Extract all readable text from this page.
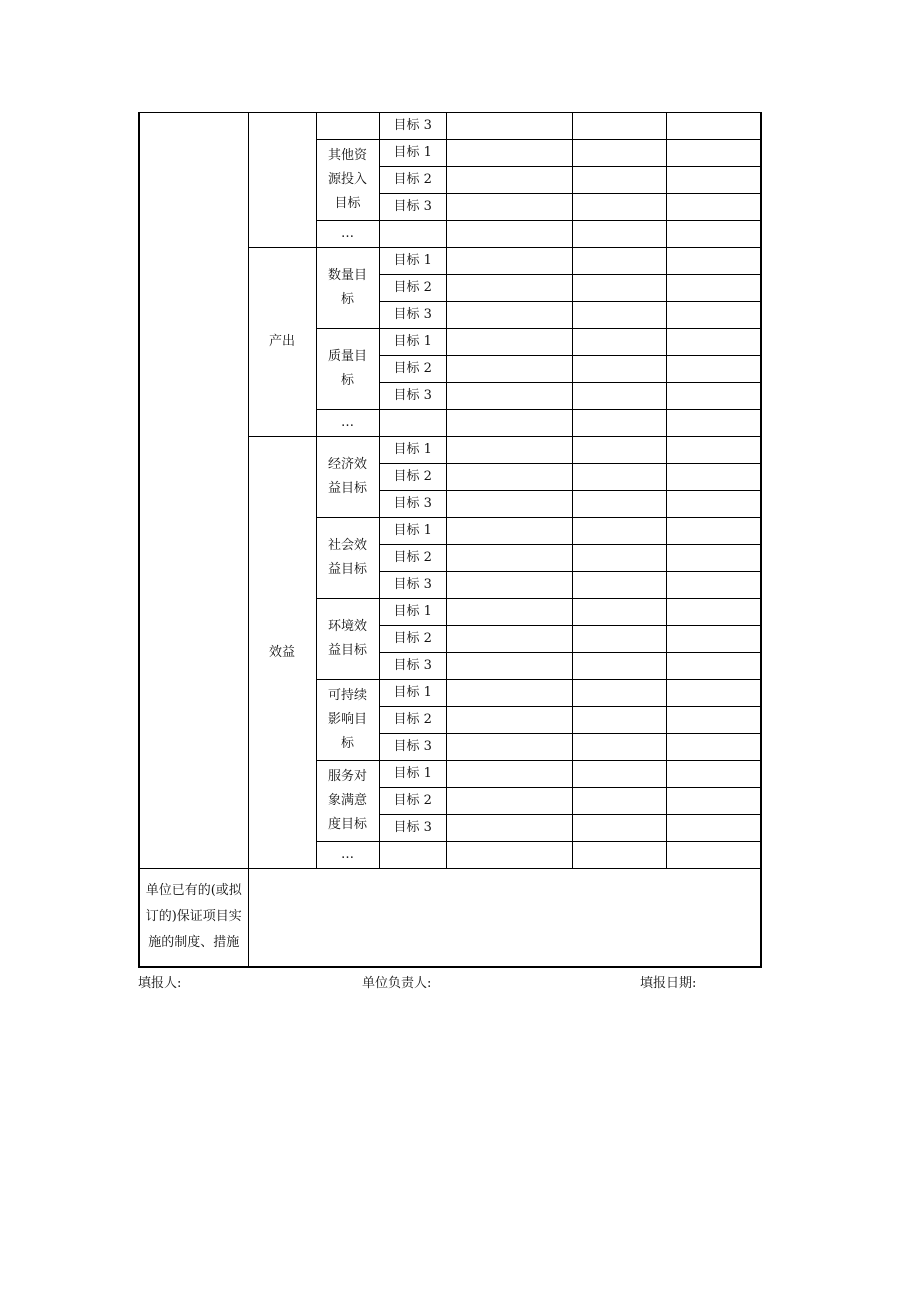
			目标 3			
		其他资源投入目标	目标 1			
			目标 2			
			目标 3			
		…				
	产出	数量目标	目标 1			
			目标 2			
			目标 3			
		质量目标	目标 1			
			目标 2			
			目标 3			
		…				
	效益	经济效益目标	目标 1			
			目标 2			
			目标 3			
		社会效益目标	目标 1			
			目标 2			
			目标 3			
		环境效益目标	目标 1			
			目标 2			
			目标 3			
		可持续影响目标	目标 1			
			目标 2			
			目标 3			
		服务对象满意度目标	目标 1			
			目标 2			
			目标 3			
		…				
单位已有的(或拟订的)保证项目实施的制度、措施						
填报人:	单位负责人:	填报日期:
